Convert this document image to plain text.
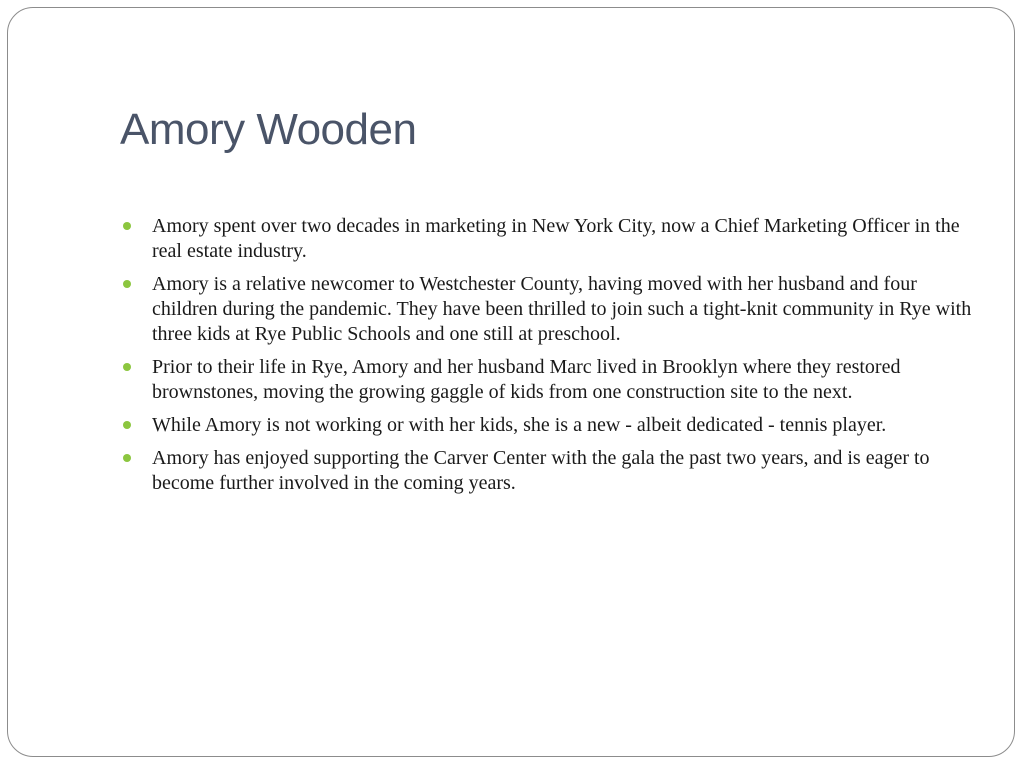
Amory Wooden
Amory spent over two decades in marketing in New York City, now a Chief Marketing Officer in the real estate industry.
Amory is a relative newcomer to Westchester County, having moved with her husband and four children during the pandemic. They have been thrilled to join such a tight-knit community in Rye with three kids at Rye Public Schools and one still at preschool.
Prior to their life in Rye, Amory and her husband Marc lived in Brooklyn where they restored brownstones, moving the growing gaggle of kids from one construction site to the next.
While Amory is not working or with her kids, she is a new - albeit dedicated - tennis player.
Amory has enjoyed supporting the Carver Center with the gala the past two years, and is eager to become further involved in the coming years.
